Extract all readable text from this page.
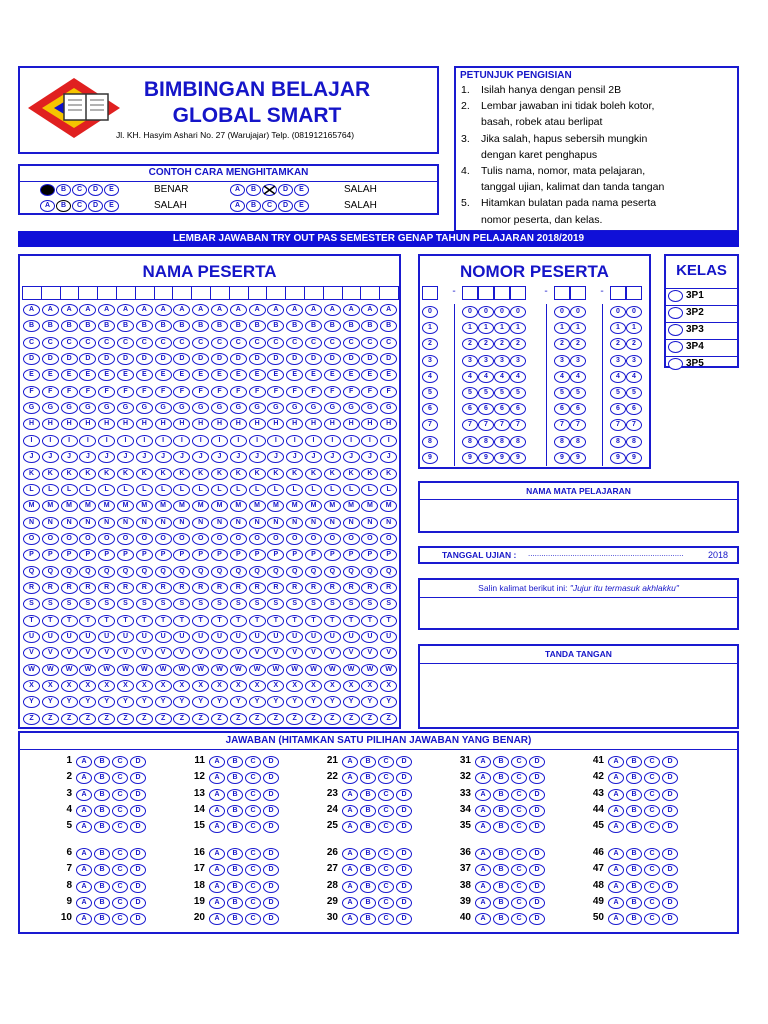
BIMBINGAN BELAJAR
GLOBAL SMART
Jl. KH. Hasyim Ashari No. 27 (Warujajar) Telp. (081912165764)
CONTOH CARA MENGHITAMKAN
A	B	C	D	E	BENAR	A	B	D	E	SALAH
A	B	C	D	E	SALAH	A	B	C	D	E	SALAH
PETUNJUK PENGISIAN
1. Isilah hanya dengan pensil 2B
2. Lembar jawaban ini tidak boleh kotor,
basah, robek atau berlipat
3. Jika salah, hapus sebersih mungkin
dengan karet penghapus
4. Tulis nama, nomor, mata pelajaran,
tanggal ujian, kalimat dan tanda tangan
5. Hitamkan bulatan pada nama peserta
nomor peserta, dan kelas.
LEMBAR JAWABAN TRY OUT PAS SEMESTER GENAP TAHUN PELAJARAN 2018/2019
NAMA PESERTA
A	A	A	A	A	A	A	A	A	A	A	A	A	A	A	A	A	A	A	A
B	B	B	B	B	B	B	B	B	B	B	B	B	B	B	B	B	B	B	B
C	C	C	C	C	C	C	C	C	C	C	C	C	C	C	C	C	C	C	C
D	D	D	D	D	D	D	D	D	D	D	D	D	D	D	D	D	D	D	D
E	E	E	E	E	E	E	E	E	E	E	E	E	E	E	E	E	E	E	E
F	F	F	F	F	F	F	F	F	F	F	F	F	F	F	F	F	F	F	F
G	G	G	G	G	G	G	G	G	G	G	G	G	G	G	G	G	G	G	G
H	H	H	H	H	H	H	H	H	H	H	H	H	H	H	H	H	H	H	H
I	I	I	I	I	I	I	I	I	I	I	I	I	I	I	I	I	I	I	I
J	J	J	J	J	J	J	J	J	J	J	J	J	J	J	J	J	J	J	J
K	K	K	K	K	K	K	K	K	K	K	K	K	K	K	K	K	K	K	K
L	L	L	L	L	L	L	L	L	L	L	L	L	L	L	L	L	L	L	L
M	M	M	M	M	M	M	M	M	M	M	M	M	M	M	M	M	M	M	M
N	N	N	N	N	N	N	N	N	N	N	N	N	N	N	N	N	N	N	N
O	O	O	O	O	O	O	O	O	O	O	O	O	O	O	O	O	O	O	O
P	P	P	P	P	P	P	P	P	P	P	P	P	P	P	P	P	P	P	P
Q	Q	Q	Q	Q	Q	Q	Q	Q	Q	Q	Q	Q	Q	Q	Q	Q	Q	Q	Q
R	R	R	R	R	R	R	R	R	R	R	R	R	R	R	R	R	R	R	R
S	S	S	S	S	S	S	S	S	S	S	S	S	S	S	S	S	S	S	S
T	T	T	T	T	T	T	T	T	T	T	T	T	T	T	T	T	T	T	T
U	U	U	U	U	U	U	U	U	U	U	U	U	U	U	U	U	U	U	U
V	V	V	V	V	V	V	V	V	V	V	V	V	V	V	V	V	V	V	V
W	W	W	W	W	W	W	W	W	W	W	W	W	W	W	W	W	W	W	W
X	X	X	X	X	X	X	X	X	X	X	X	X	X	X	X	X	X	X	X
Y	Y	Y	Y	Y	Y	Y	Y	Y	Y	Y	Y	Y	Y	Y	Y	Y	Y	Y	Y
Z	Z	Z	Z	Z	Z	Z	Z	Z	Z	Z	Z	Z	Z	Z	Z	Z	Z	Z	Z
NOMOR PESERTA
-	-	-
0	0	0	0	0	0	0	0	0
1	1	1	1	1	1	1	1	1
2	2	2	2	2	2	2	2	2
3	3	3	3	3	3	3	3	3
4	4	4	4	4	4	4	4	4
5	5	5	5	5	5	5	5	5
6	6	6	6	6	6	6	6	6
7	7	7	7	7	7	7	7	7
8	8	8	8	8	8	8	8	8
9	9	9	9	9	9	9	9	9
KELAS
3P1
3P2
3P3
3P4
3P5
NAMA MATA PELAJARAN
TANGGAL UJIAN : ......................................................................	2018
Salin kalimat berikut ini: "Jujur itu termasuk akhlakku"
TANDA TANGAN
JAWABAN (HITAMKAN SATU PILIHAN JAWABAN YANG BENAR)
1	A	B	C	D
2	A	B	C	D
3	A	B	C	D
4	A	B	C	D
5	A	B	C	D
6	A	B	C	D
7	A	B	C	D
8	A	B	C	D
9	A	B	C	D
10	A	B	C	D
11	A	B	C	D
12	A	B	C	D
13	A	B	C	D
14	A	B	C	D
15	A	B	C	D
16	A	B	C	D
17	A	B	C	D
18	A	B	C	D
19	A	B	C	D
20	A	B	C	D
21	A	B	C	D
22	A	B	C	D
23	A	B	C	D
24	A	B	C	D
25	A	B	C	D
26	A	B	C	D
27	A	B	C	D
28	A	B	C	D
29	A	B	C	D
30	A	B	C	D
31	A	B	C	D
32	A	B	C	D
33	A	B	C	D
34	A	B	C	D
35	A	B	C	D
36	A	B	C	D
37	A	B	C	D
38	A	B	C	D
39	A	B	C	D
40	A	B	C	D
41	A	B	C	D
42	A	B	C	D
43	A	B	C	D
44	A	B	C	D
45	A	B	C	D
46	A	B	C	D
47	A	B	C	D
48	A	B	C	D
49	A	B	C	D
50	A	B	C	D
